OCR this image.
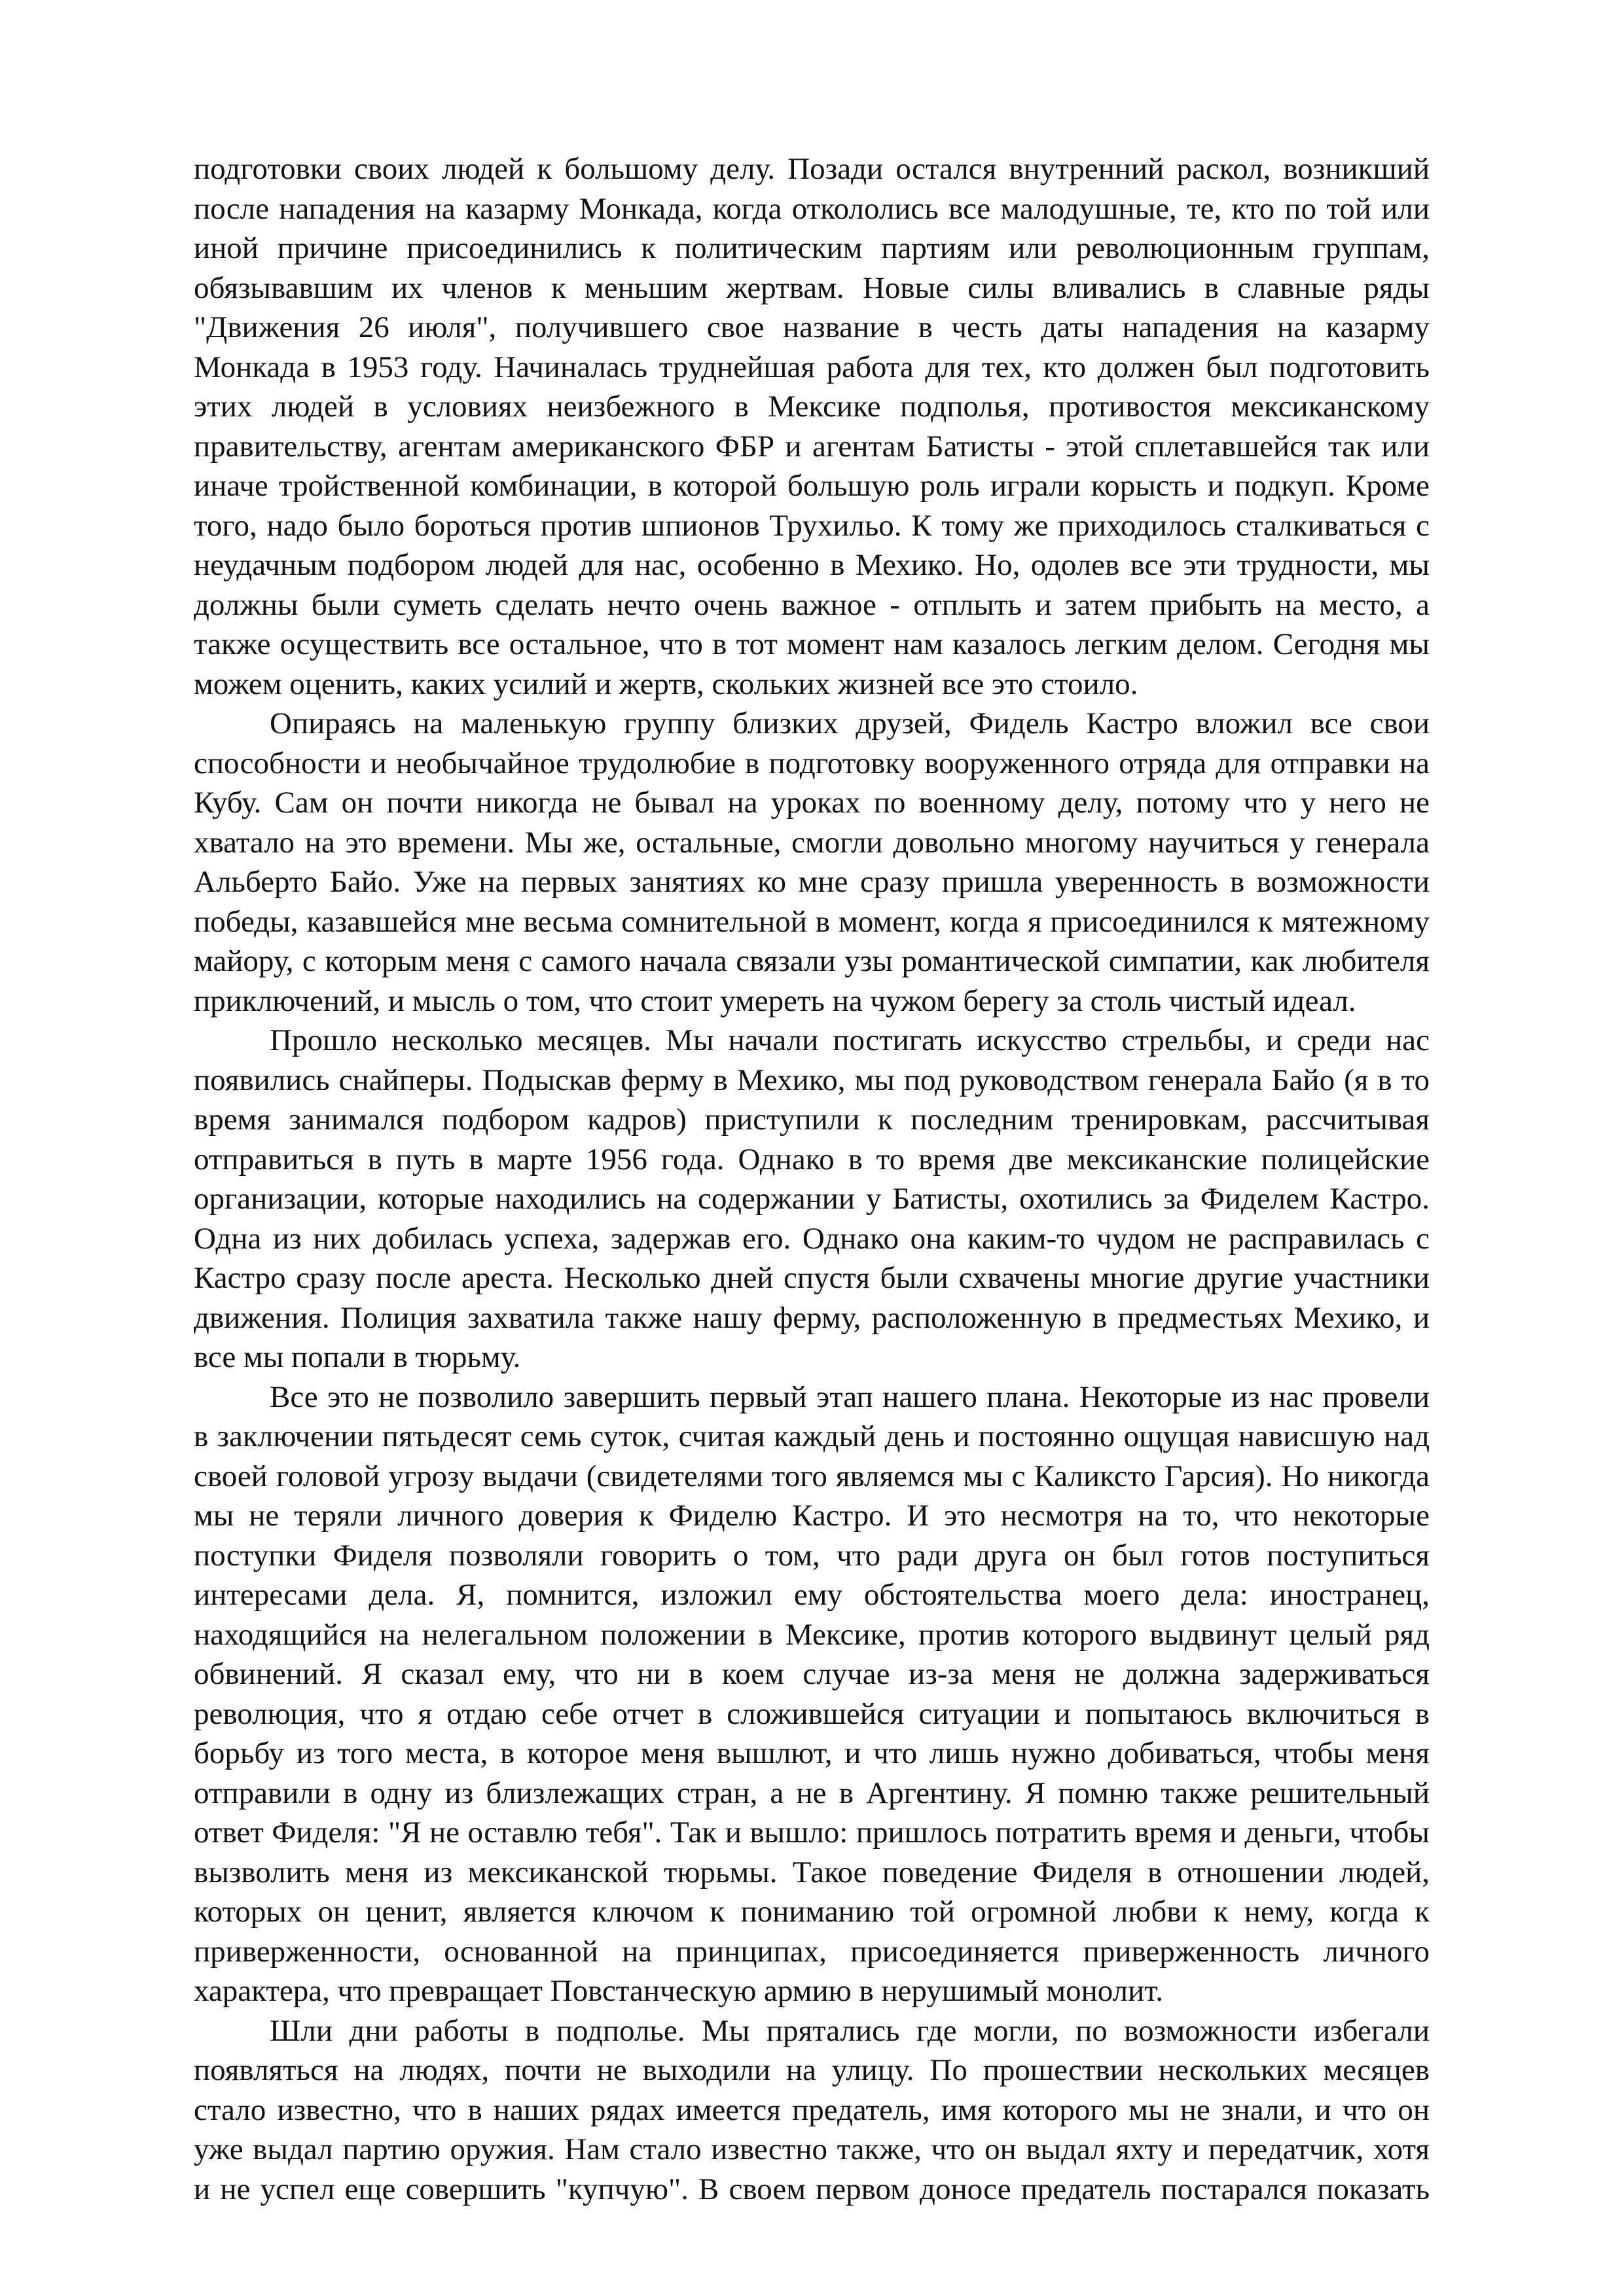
подготовки своих людей к большому делу. Позади остался внутренний раскол, возникший
после нападения на казарму Монкада, когда откололись все малодушные, те, кто по той или
иной причине присоединились к политическим партиям или революционным группам,
обязывавшим их членов к меньшим жертвам. Новые силы вливались в славные ряды
"Движения 26 июля", получившего свое название в честь даты нападения на казарму
Монкада в 1953 году. Начиналась труднейшая работа для тех, кто должен был подготовить
этих людей в условиях неизбежного в Мексике подполья, противостоя мексиканскому
правительству, агентам американского ФБР и агентам Батисты - этой сплетавшейся так или
иначе тройственной комбинации, в которой большую роль играли корысть и подкуп. Кроме
того, надо было бороться против шпионов Трухильо. К тому же приходилось сталкиваться с
неудачным подбором людей для нас, особенно в Мехико. Но, одолев все эти трудности, мы
должны были суметь сделать нечто очень важное - отплыть и затем прибыть на место, а
также осуществить все остальное, что в тот момент нам казалось легким делом. Сегодня мы
можем оценить, каких усилий и жертв, скольких жизней все это стоило.
Опираясь на маленькую группу близких друзей, Фидель Кастро вложил все свои
способности и необычайное трудолюбие в подготовку вооруженного отряда для отправки на
Кубу. Сам он почти никогда не бывал на уроках по военному делу, потому что у него не
хватало на это времени. Мы же, остальные, смогли довольно многому научиться у генерала
Альберто Байо. Уже на первых занятиях ко мне сразу пришла уверенность в возможности
победы, казавшейся мне весьма сомнительной в момент, когда я присоединился к мятежному
майору, с которым меня с самого начала связали узы романтической симпатии, как любителя
приключений, и мысль о том, что стоит умереть на чужом берегу за столь чистый идеал.
Прошло несколько месяцев. Мы начали постигать искусство стрельбы, и среди нас
появились снайперы. Подыскав ферму в Мехико, мы под руководством генерала Байо (я в то
время занимался подбором кадров) приступили к последним тренировкам, рассчитывая
отправиться в путь в марте 1956 года. Однако в то время две мексиканские полицейские
организации, которые находились на содержании у Батисты, охотились за Фиделем Кастро.
Одна из них добилась успеха, задержав его. Однако она каким-то чудом не расправилась с
Кастро сразу после ареста. Несколько дней спустя были схвачены многие другие участники
движения. Полиция захватила также нашу ферму, расположенную в предместьях Мехико, и
все мы попали в тюрьму.
Все это не позволило завершить первый этап нашего плана. Некоторые из нас провели
в заключении пятьдесят семь суток, считая каждый день и постоянно ощущая нависшую над
своей головой угрозу выдачи (свидетелями того являемся мы с Каликсто Гарсия). Но никогда
мы не теряли личного доверия к Фиделю Кастро. И это несмотря на то, что некоторые
поступки Фиделя позволяли говорить о том, что ради друга он был готов поступиться
интересами дела. Я, помнится, изложил ему обстоятельства моего дела: иностранец,
находящийся на нелегальном положении в Мексике, против которого выдвинут целый ряд
обвинений. Я сказал ему, что ни в коем случае из-за меня не должна задерживаться
революция, что я отдаю себе отчет в сложившейся ситуации и попытаюсь включиться в
борьбу из того места, в которое меня вышлют, и что лишь нужно добиваться, чтобы меня
отправили в одну из близлежащих стран, а не в Аргентину. Я помню также решительный
ответ Фиделя: "Я не оставлю тебя". Так и вышло: пришлось потратить время и деньги, чтобы
вызволить меня из мексиканской тюрьмы. Такое поведение Фиделя в отношении людей,
которых он ценит, является ключом к пониманию той огромной любви к нему, когда к
приверженности, основанной на принципах, присоединяется приверженность личного
характера, что превращает Повстанческую армию в нерушимый монолит.
Шли дни работы в подполье. Мы прятались где могли, по возможности избегали
появляться на людях, почти не выходили на улицу. По прошествии нескольких месяцев
стало известно, что в наших рядах имеется предатель, имя которого мы не знали, и что он
уже выдал партию оружия. Нам стало известно также, что он выдал яхту и передатчик, хотя
и не успел еще совершить "купчую". В своем первом доносе предатель постарался показать
